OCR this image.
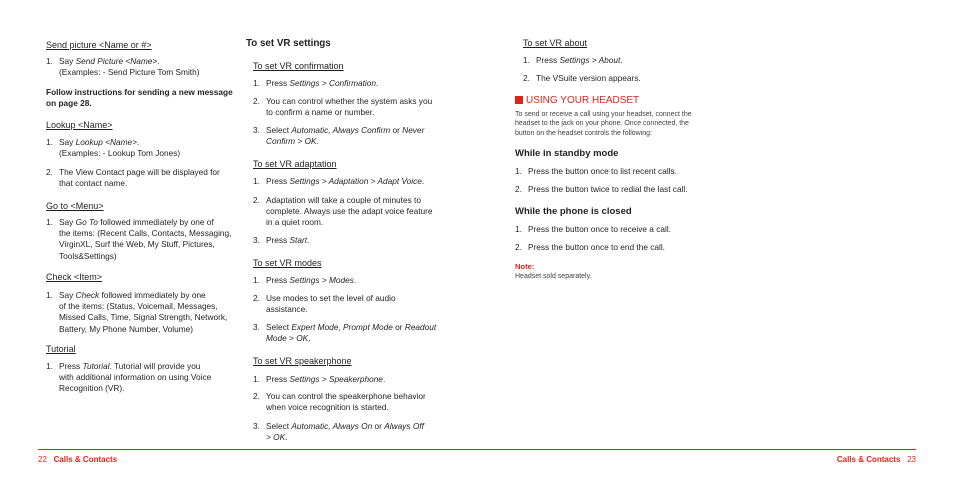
Send picture <Name or #>
1. Say Send Picture <Name>.
(Examples: - Send Picture Tom Smith)
Follow instructions for sending a new message
on page 28.
Lookup <Name>
1. Say Lookup <Name>.
(Examples: - Lookup Tom Jones)
2. The View Contact page will be displayed for
that contact name.
Go to <Menu>
1. Say Go To followed immediately by one of
the items: (Recent Calls, Contacts, Messaging,
VirginXL, Surf the Web, My Stuff, Pictures,
Tools&Settings)
Check <Item>
1. Say Check followed immediately by one
of the items: (Status, Voicemail, Messages,
Missed Calls, Time, Signal Strength, Network,
Battery, My Phone Number, Volume)
Tutorial
1. Press Tutorial. Tutorial will provide you
with additional information on using Voice
Recognition (VR).
To set VR settings
To set VR confirmation
1. Press Settings > Confirmation.
2. You can control whether the system asks you
to confirm a name or number.
3. Select Automatic, Always Confirm or Never
Confirm > OK.
To set VR adaptation
1. Press Settings > Adaptation > Adapt Voice.
2. Adaptation will take a couple of minutes to
complete. Always use the adapt voice feature
in a quiet room.
3. Press Start.
To set VR modes
1. Press Settings > Modes.
2. Use modes to set the level of audio
assistance.
3. Select Expert Mode, Prompt Mode or Readout
Mode > OK.
To set VR speakerphone
1. Press Settings > Speakerphone.
2. You can control the speakerphone behavior
when voice recognition is started.
3. Select Automatic, Always On or Always Off
> OK.
To set VR about
1. Press Settings > About.
2. The VSuite version appears.
USING YOUR HEADSET
To send or receive a call using your headset, connect the
headset to the jack on your phone. Once connected, the
button on the headset controls the following:
While in standby mode
1. Press the button once to list recent calls.
2. Press the button twice to redial the last call.
While the phone is closed
1. Press the button once to receive a call.
2. Press the button once to end the call.
Note:
Headset sold separately.
22 Calls & Contacts	Calls & Contacts 23
